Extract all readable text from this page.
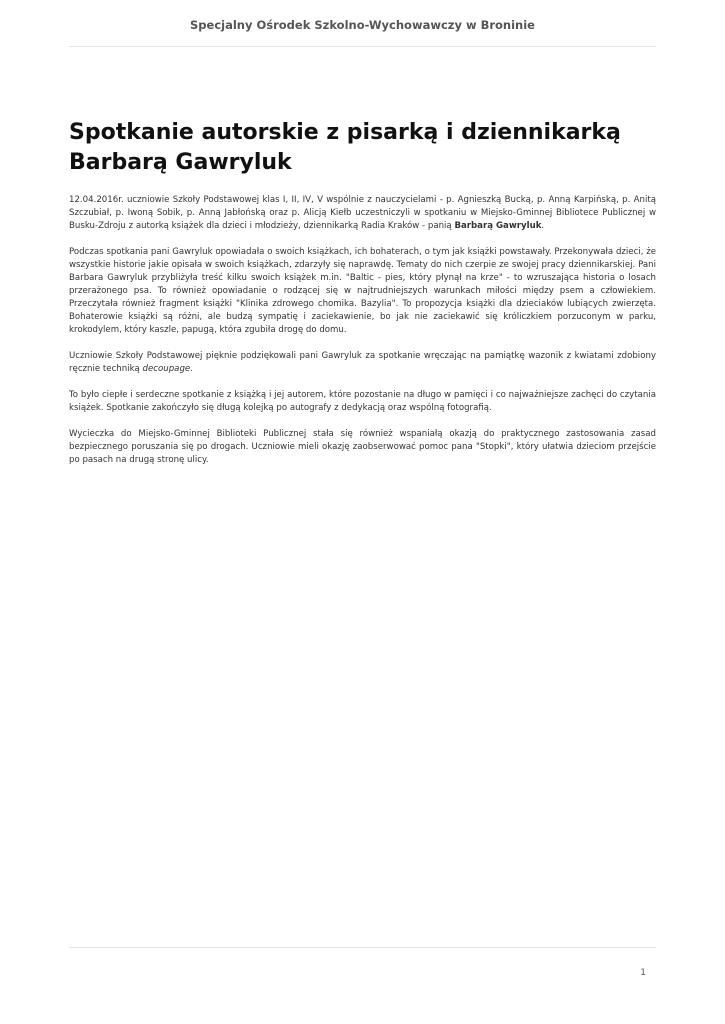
Specjalny Ośrodek Szkolno-Wychowawczy w Broninie
Spotkanie autorskie z pisarką i dziennikarką Barbarą Gawryluk

12.04.2016r. uczniowie Szkoły Podstawowej klas I, II, IV, V wspólnie z nauczycielami - p. Agnieszką Bucką, p. Anną Karpińską, p. Anitą Szczubiał, p. Iwoną Sobik, p. Anną Jabłońską oraz p. Alicją Kiełb uczestniczyli w spotkaniu w Miejsko-Gminnej Bibliotece Publicznej w Busku-Zdroju z autorką książek dla dzieci i młodzieży, dziennikarką Radia Kraków - panią Barbarą Gawryluk.

Podczas spotkania pani Gawryluk opowiadała o swoich książkach, ich bohaterach, o tym jak książki powstawały. Przekonywała dzieci, że wszystkie historie jakie opisała w swoich książkach, zdarzyły się naprawdę. Tematy do nich czerpie ze swojej pracy dziennikarskiej. Pani Barbara Gawryluk przybliżyła treść kilku swoich książek m.in. "Baltic - pies, który płynął na krze" - to wzruszająca historia o losach przerażonego psa. To również opowiadanie o rodzącej się w najtrudniejszych warunkach miłości między psem a człowiekiem. Przeczytała również fragment książki "Klinika zdrowego chomika. Bazylia". To propozycja książki dla dzieciaków lubiących zwierzęta. Bohaterowie książki są różni, ale budzą sympatię i zaciekawienie, bo jak nie zaciekawić się króliczkiem porzuconym w parku, krokodylem, który kaszle, papugą, która zgubiła drogę do domu.

Uczniowie Szkoły Podstawowej pięknie podziękowali pani Gawryluk za spotkanie wręczając na pamiątkę wazonik z kwiatami zdobiony ręcznie techniką decoupage.

To było ciepłe i serdeczne spotkanie z książką i jej autorem, które pozostanie na długo w pamięci i co najważniejsze zachęci do czytania książek. Spotkanie zakończyło się długą kolejką po autografy z dedykacją oraz wspólną fotografią.

Wycieczka do Miejsko-Gminnej Biblioteki Publicznej stała się również wspaniałą okazją do praktycznego zastosowania zasad bezpiecznego poruszania się po drogach. Uczniowie mieli okazję zaobserwować pomoc pana "Stopki", który ułatwia dzieciom przejście po pasach na drugą stronę ulicy.

1
